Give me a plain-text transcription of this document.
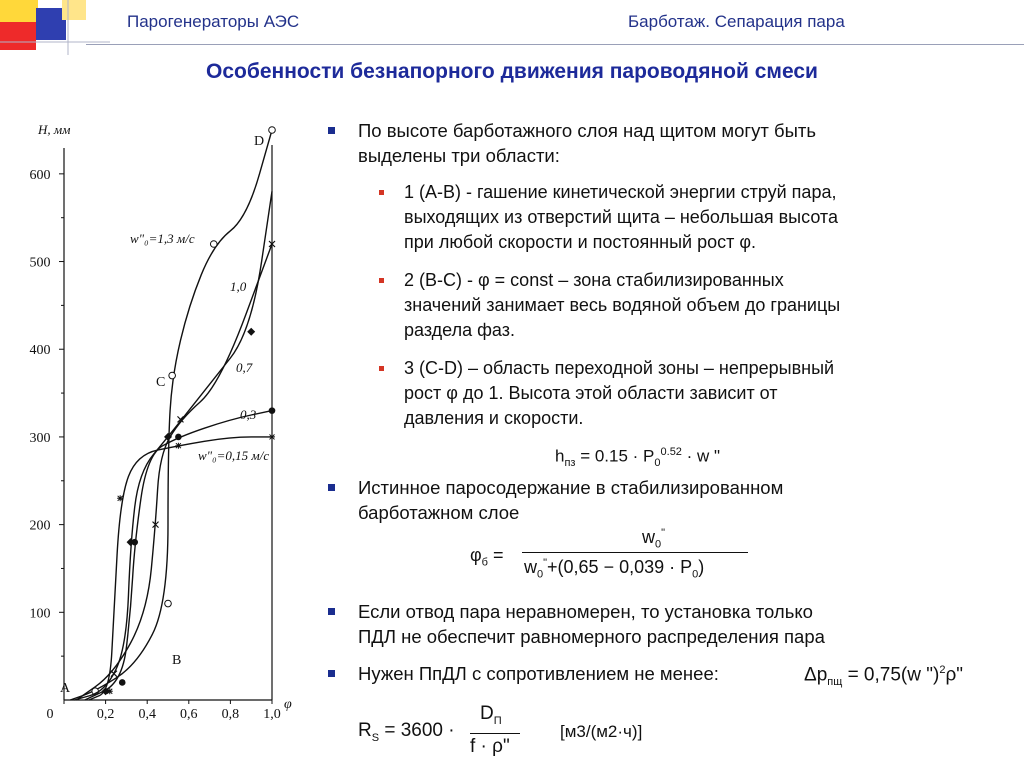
Парогенераторы АЭС	Барботаж. Сепарация пара
Особенности безнапорного движения пароводяной смеси
H, мм
φ
100
200
300
400
500
600
0	0,2 0,4 0,6 0,8 1,0
w"₀=1,3 м/с
1,0
0,7
0,3
w"₀=0,15 м/с
A
B
C
D
По высоте барботажного слоя над щитом могут быть
выделены три области:
1 (А-В) - гашение кинетической энергии струй пара,
выходящих из отверстий щита – небольшая высота
при любой скорости и постоянный рост φ.
2 (В-С) - φ = const – зона стабилизированных
значений занимает весь водяной объем до границы
раздела фаз.
3 (С-D) – область переходной зоны – непрерывный
рост φ до 1. Высота этой области зависит от
давления и скорости.
$h_{пз} = 0.15 \cdot P_0^{0.52} \cdot w$ "
Истинное паросодержание в стабилизированном
барботажном слое
$\varphi_б$ =
$w_0^"$
$w_0^"+(0,65 - 0,039 \cdot P_0)$
Если отвод пара неравномерен, то установка только
ПДЛ не обеспечит равномерного распределения пара
Нужен ПпДЛ с сопротивлением не менее:	$\Delta p_{пщ} = 0,75(w$ ")$^2$ρ"
$R_S = 3600$ ·
$D_П$
f · ρ"
[м3/(м2·ч)]
